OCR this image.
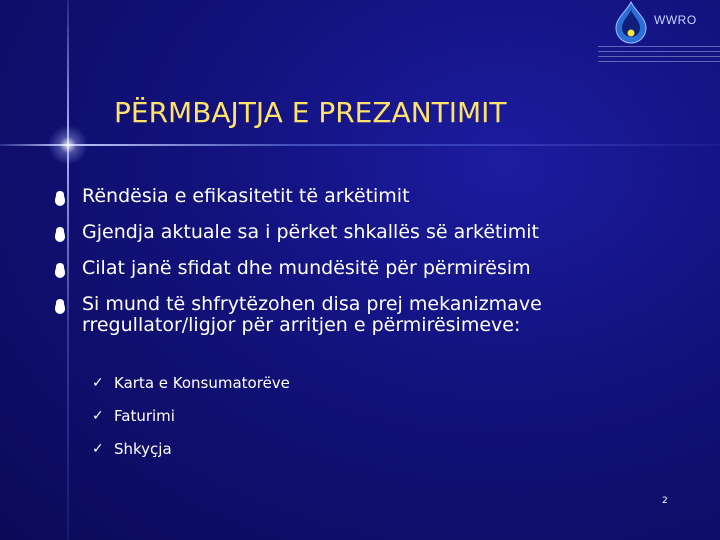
WWRO
PËRMBAJTJA E PREZANTIMIT
Rëndësia e efikasitetit të arkëtimit
Gjendja aktuale sa i përket shkallës së arkëtimit
Cilat janë sfidat dhe mundësitë për përmirësim
Si mund të shfrytëzohen disa prej mekanizmave rregullator/ligjor për arritjen e përmirësimeve:
✓ Karta e Konsumatorëve
✓ Faturimi
✓ Shkyçja
2
